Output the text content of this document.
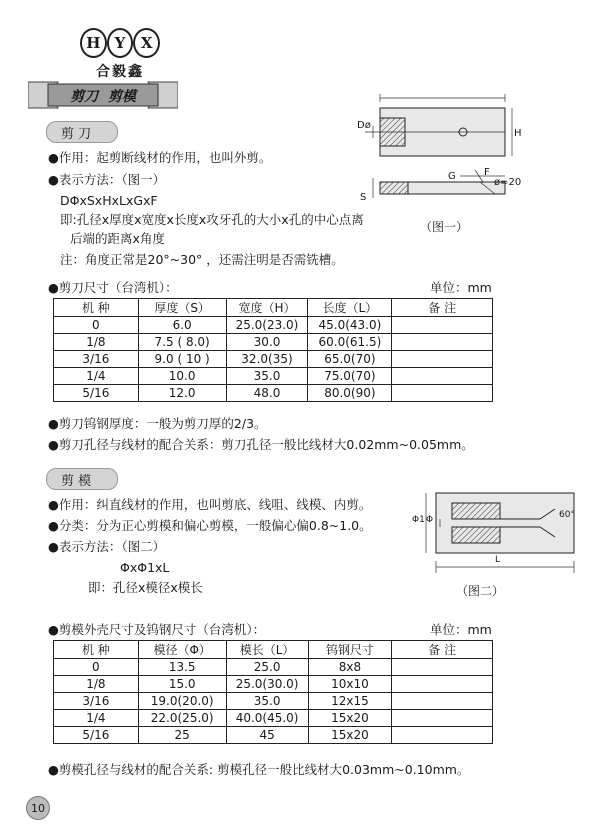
H Y	X
合毅鑫
剪刀  剪模
剪 刀
●作用：起剪断线材的作用，也叫外剪。
●表示方法：（图一）
DΦxSxHxLxGxF
即:孔径x厚度x宽度x长度x攻牙孔的大小x孔的中心点离
后端的距离x角度
注：角度正常是20°~30° ，还需注明是否需铣槽。
Dø
H
G	F
ø=20
S
（图一）
●剪刀尺寸（台湾机）：	单位：mm
机 种	厚度（S）	宽度（H）	长度（L）	备 注
0	6.0	25.0(23.0)	45.0(43.0)	
1/8	7.5 ( 8.0)	30.0	60.0(61.5)	
3/16	9.0 ( 10 )	32.0(35)	65.0(70)	
1/4	10.0	35.0	75.0(70)	
5/16	12.0	48.0	80.0(90)	
●剪刀钨钢厚度：一般为剪刀厚的2/3。
●剪刀孔径与线材的配合关系：剪刀孔径一般比线材大0.02mm~0.05mm。
剪 模
●作用：纠直线材的作用，也叫剪底、线咀、线模、内剪。
●分类：分为正心剪模和偏心剪模，一般偏心偏0.8~1.0。
●表示方法：（图二）
ΦxΦ1xL
即：孔径x模径x模长
Φ1 Φ	60°
L
（图二）
●剪模外壳尺寸及钨钢尺寸（台湾机）：	单位：mm
机 种	模径（Φ）	模长（L）	钨钢尺寸	备 注
0	13.5	25.0	8x8	
1/8	15.0	25.0(30.0)	10x10	
3/16	19.0(20.0)	35.0	12x15	
1/4	22.0(25.0)	40.0(45.0)	15x20	
5/16	25	45	15x20	
●剪模孔径与线材的配合关系: 剪模孔径一般比线材大0.03mm~0.10mm。
10
